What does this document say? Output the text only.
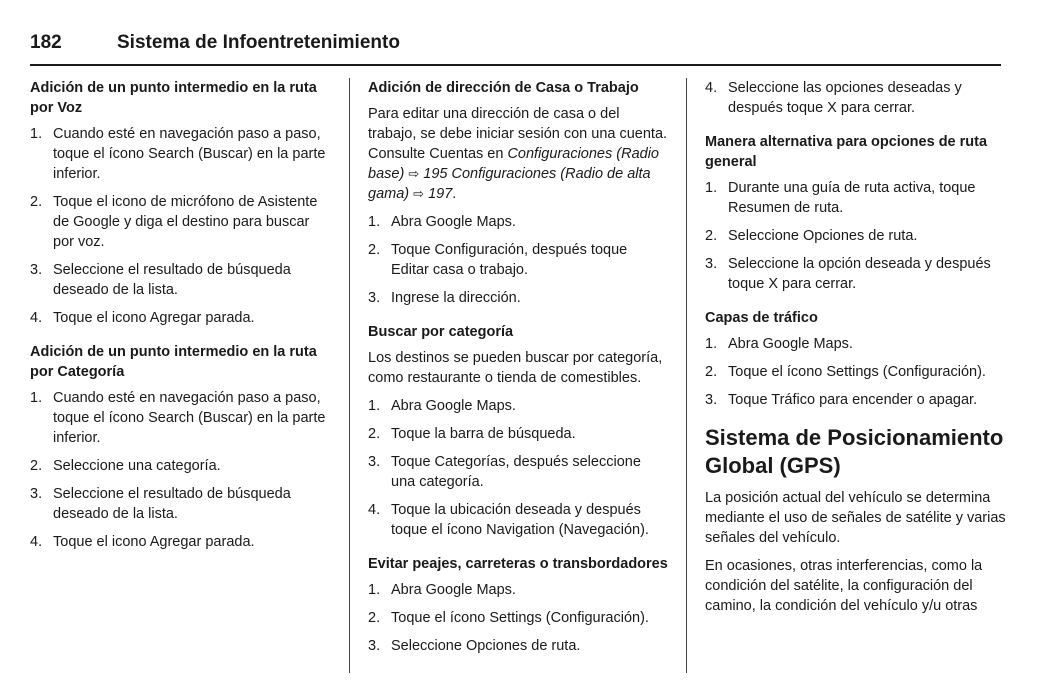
182	Sistema de Infoentretenimiento
Adición de un punto intermedio en la ruta por Voz
1. Cuando esté en navegación paso a paso, toque el ícono Search (Buscar) en la parte inferior.
2. Toque el icono de micrófono de Asistente de Google y diga el destino para buscar por voz.
3. Seleccione el resultado de búsqueda deseado de la lista.
4. Toque el icono Agregar parada.
Adición de un punto intermedio en la ruta por Categoría
1. Cuando esté en navegación paso a paso, toque el ícono Search (Buscar) en la parte inferior.
2. Seleccione una categoría.
3. Seleccione el resultado de búsqueda deseado de la lista.
4. Toque el icono Agregar parada.
Adición de dirección de Casa o Trabajo

Para editar una dirección de casa o del trabajo, se debe iniciar sesión con una cuenta. Consulte Cuentas en Configuraciones (Radio base) ⇨ 195 Configuraciones (Radio de alta gama) ⇨ 197.

1. Abra Google Maps.
2. Toque Configuración, después toque Editar casa o trabajo.
3. Ingrese la dirección.
Buscar por categoría

Los destinos se pueden buscar por categoría, como restaurante o tienda de comestibles.

1. Abra Google Maps.
2. Toque la barra de búsqueda.
3. Toque Categorías, después seleccione una categoría.
4. Toque la ubicación deseada y después toque el ícono Navigation (Navegación).
Evitar peajes, carreteras o transbordadores
1. Abra Google Maps.
2. Toque el ícono Settings (Configuración).
3. Seleccione Opciones de ruta.
4. Seleccione las opciones deseadas y después toque X para cerrar.
Manera alternativa para opciones de ruta general
1. Durante una guía de ruta activa, toque Resumen de ruta.
2. Seleccione Opciones de ruta.
3. Seleccione la opción deseada y después toque X para cerrar.
Capas de tráfico
1. Abra Google Maps.
2. Toque el ícono Settings (Configuración).
3. Toque Tráfico para encender o apagar.
Sistema de Posicionamiento Global (GPS)

La posición actual del vehículo se determina mediante el uso de señales de satélite y varias señales del vehículo.

En ocasiones, otras interferencias, como la condición del satélite, la configuración del camino, la condición del vehículo y/u otras
